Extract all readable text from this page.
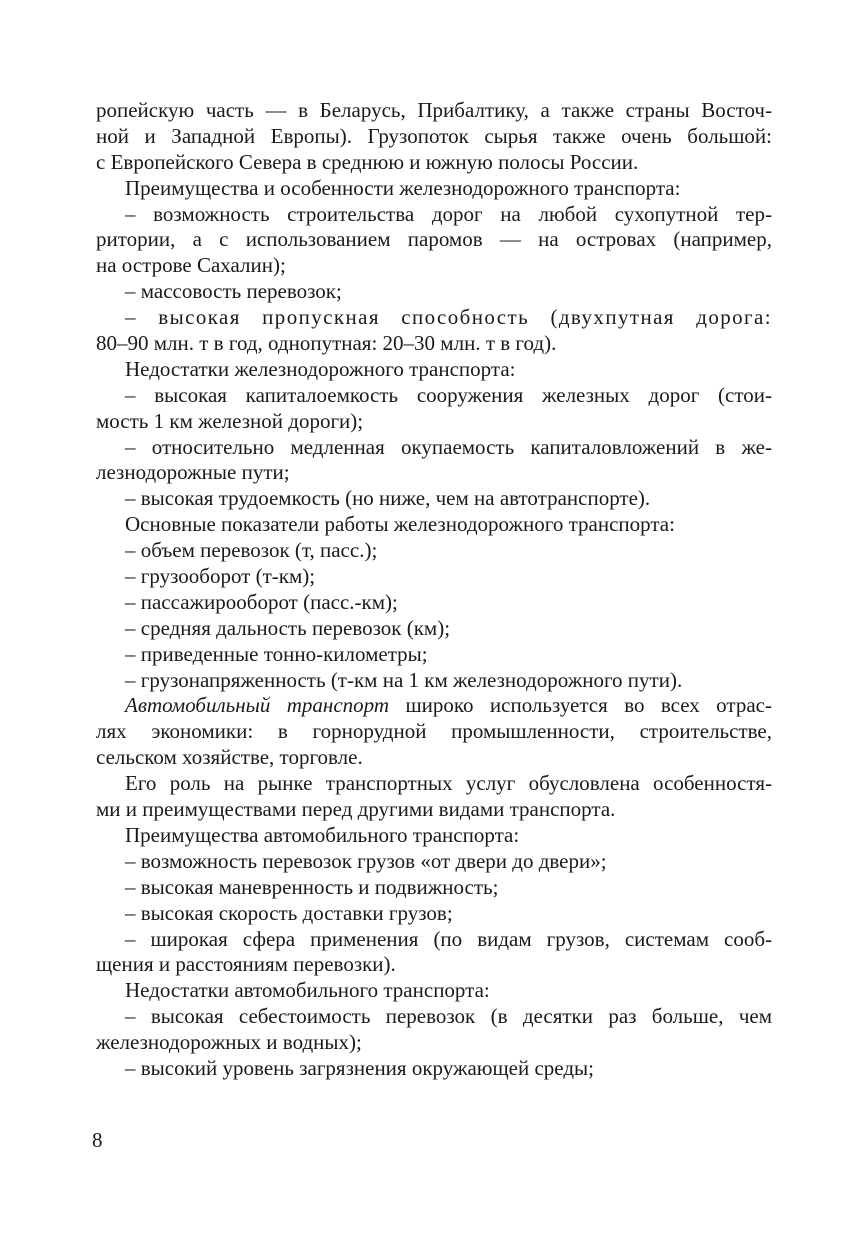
ропейскую часть — в Беларусь, Прибалтику, а также страны Восточ-
ной и Западной Европы). Грузопоток сырья также очень большой:
с Европейского Севера в среднюю и южную полосы России.
Преимущества и особенности железнодорожного транспорта:
– возможность строительства дорог на любой сухопутной тер-
ритории, а с использованием паромов — на островах (например,
на острове Сахалин);
– массовость перевозок;
– высокая пропускная способность (двухпутная дорога:
80–90 млн. т в год, однопутная: 20–30 млн. т в год).
Недостатки железнодорожного транспорта:
– высокая капиталоемкость сооружения железных дорог (стои-
мость 1 км железной дороги);
– относительно медленная окупаемость капиталовложений в же-
лезнодорожные пути;
– высокая трудоемкость (но ниже, чем на автотранспорте).
Основные показатели работы железнодорожного транспорта:
– объем перевозок (т, пасс.);
– грузооборот (т-км);
– пассажирооборот (пасс.-км);
– средняя дальность перевозок (км);
– приведенные тонно-километры;
– грузонапряженность (т-км на 1 км железнодорожного пути).
Автомобильный транспорт широко используется во всех отрас-
лях экономики: в горнорудной промышленности, строительстве,
сельском хозяйстве, торговле.
Его роль на рынке транспортных услуг обусловлена особенностя-
ми и преимуществами перед другими видами транспорта.
Преимущества автомобильного транспорта:
– возможность перевозок грузов «от двери до двери»;
– высокая маневренность и подвижность;
– высокая скорость доставки грузов;
– широкая сфера применения (по видам грузов, системам сооб-
щения и расстояниям перевозки).
Недостатки автомобильного транспорта:
– высокая себестоимость перевозок (в десятки раз больше, чем
железнодорожных и водных);
– высокий уровень загрязнения окружающей среды;
8
